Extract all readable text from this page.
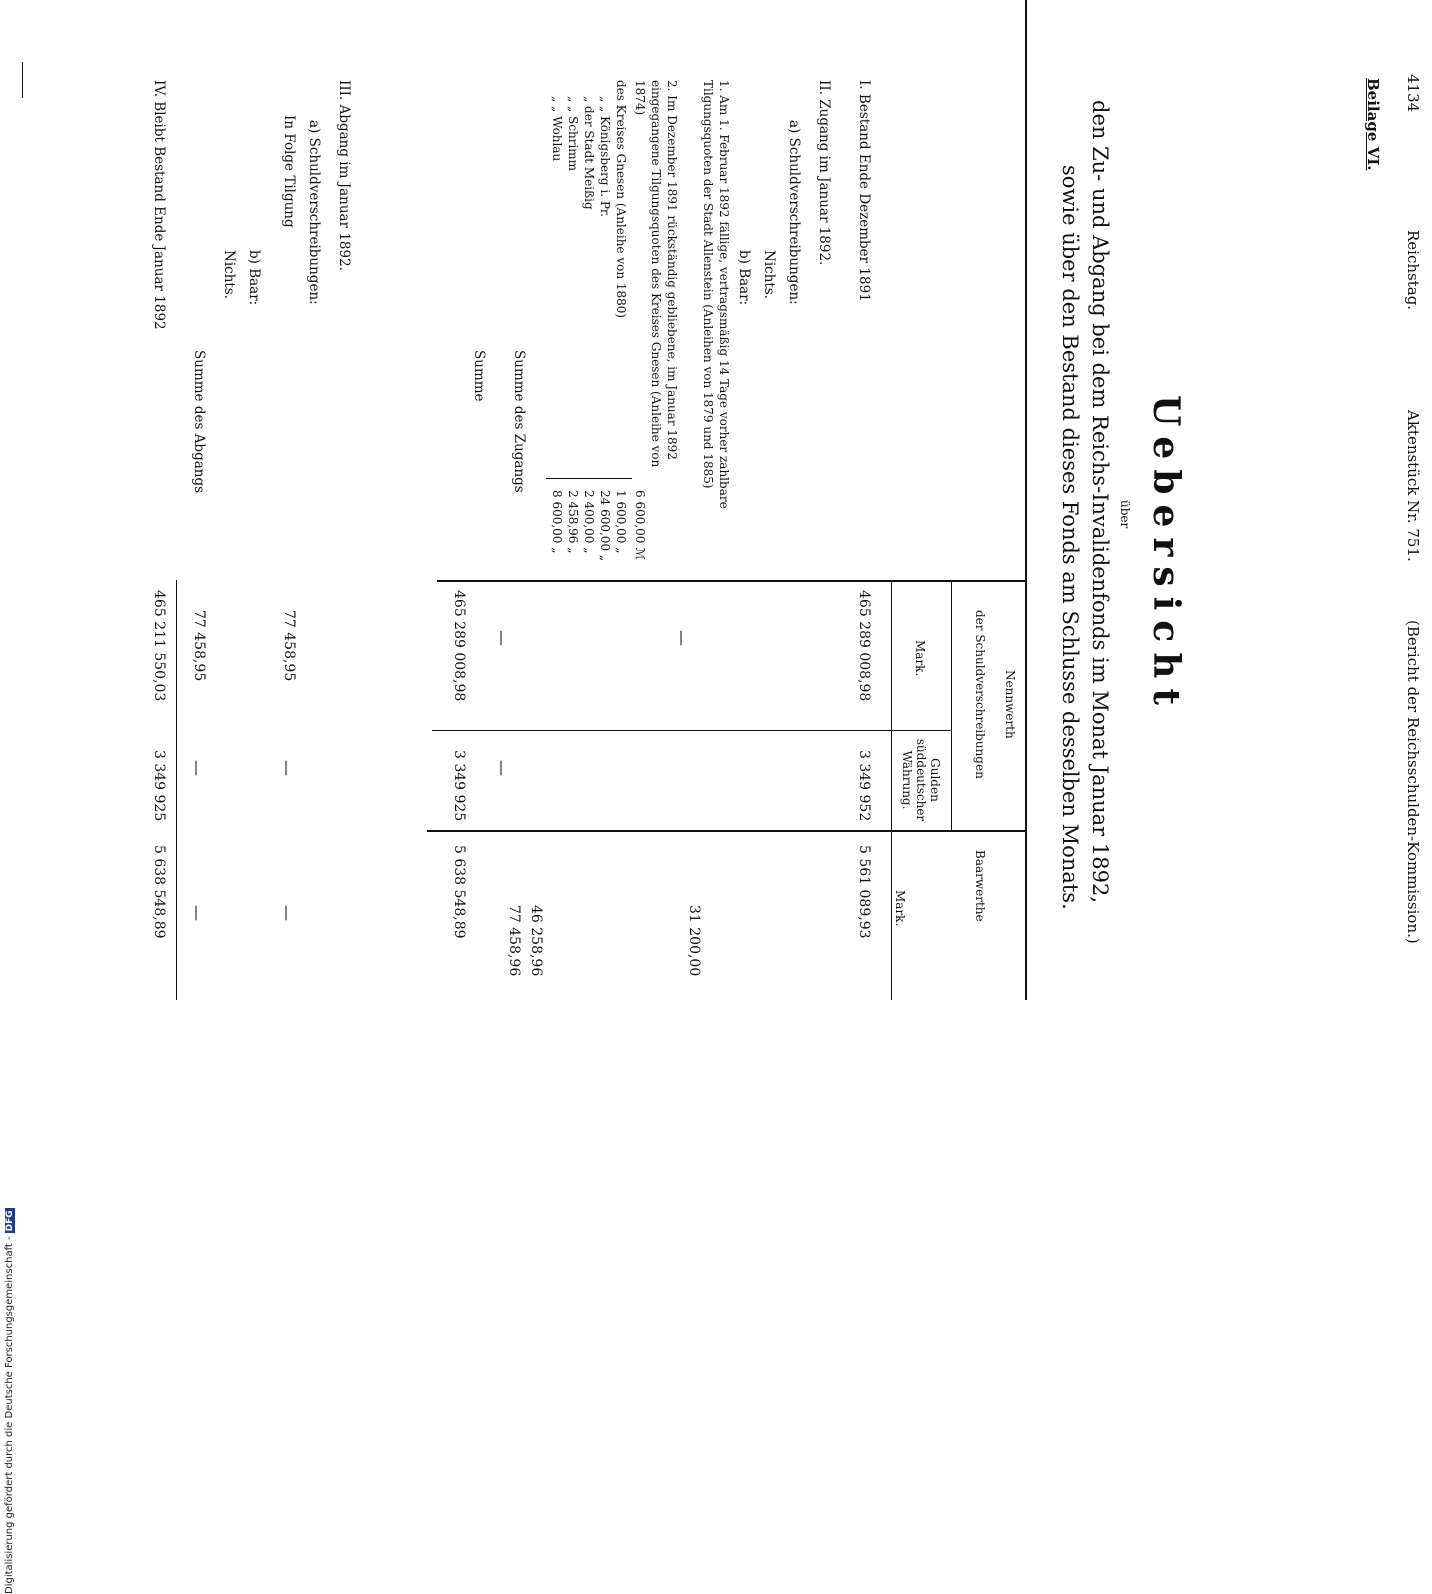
4134
Reichstag.
Aktenstück Nr. 751.
(Bericht der Reichsschulden-Kommission.)
Beilage VI.
Uebersicht
über
den Zu- und Abgang bei dem Reichs-Invalidenfonds im Monat Januar 1892,
sowie über den Bestand dieses Fonds am Schlusse desselben Monats.
Nennwerth
der Schuldverschreibungen
Mark.
Gulden süddeutscher Währung.
Baarwerthe
Mark.
I. Bestand Ende Dezember 1891
465 289 008,98
3 349 952
5 561 089,93
II. Zugang im Januar 1892.
a) Schuldverschreibungen:
Nichts.
b) Baar:
1. Am 1. Februar 1892 fällige, vertragsmäßig 14 Tage vorher zahlbare Tilgungsquoten der Stadt Allenstein (Anleihen von 1879 und 1885)
—
31 200,00
2. Im Dezember 1891 rückständig gebliebene, im Januar 1892 eingegangene Tilgungsquoten des Kreises Gnesen (Anleihe von 1874)
6 600,00 ℳ
des Kreises Gnesen (Anleihe von 1880)
1 600,00 „
„ „ Königsberg i. Pr.
24 600,00 „
„ der Stadt Meißig
2 400,00 „
„ „ Schrimm
2 458,96 „
„ „ Wohlau
8 600,00 „
46 258,96
Summe des Zugangs
77 458,96
—
—
Summe
465 289 008,98
3 349 925
5 638 548,89
III. Abgang im Januar 1892.
a) Schuldverschreibungen:
In Folge Tilgung
77 458,95
—
—
b) Baar:
Nichts.
Summe des Abgangs
77 458,95
—
—
IV. Bleibt Bestand Ende Januar 1892
465 211 550,03
3 349 925
5 638 548,89
Digitalisierung gefördert durch die Deutsche Forschungsgemeinschaft -DFG
